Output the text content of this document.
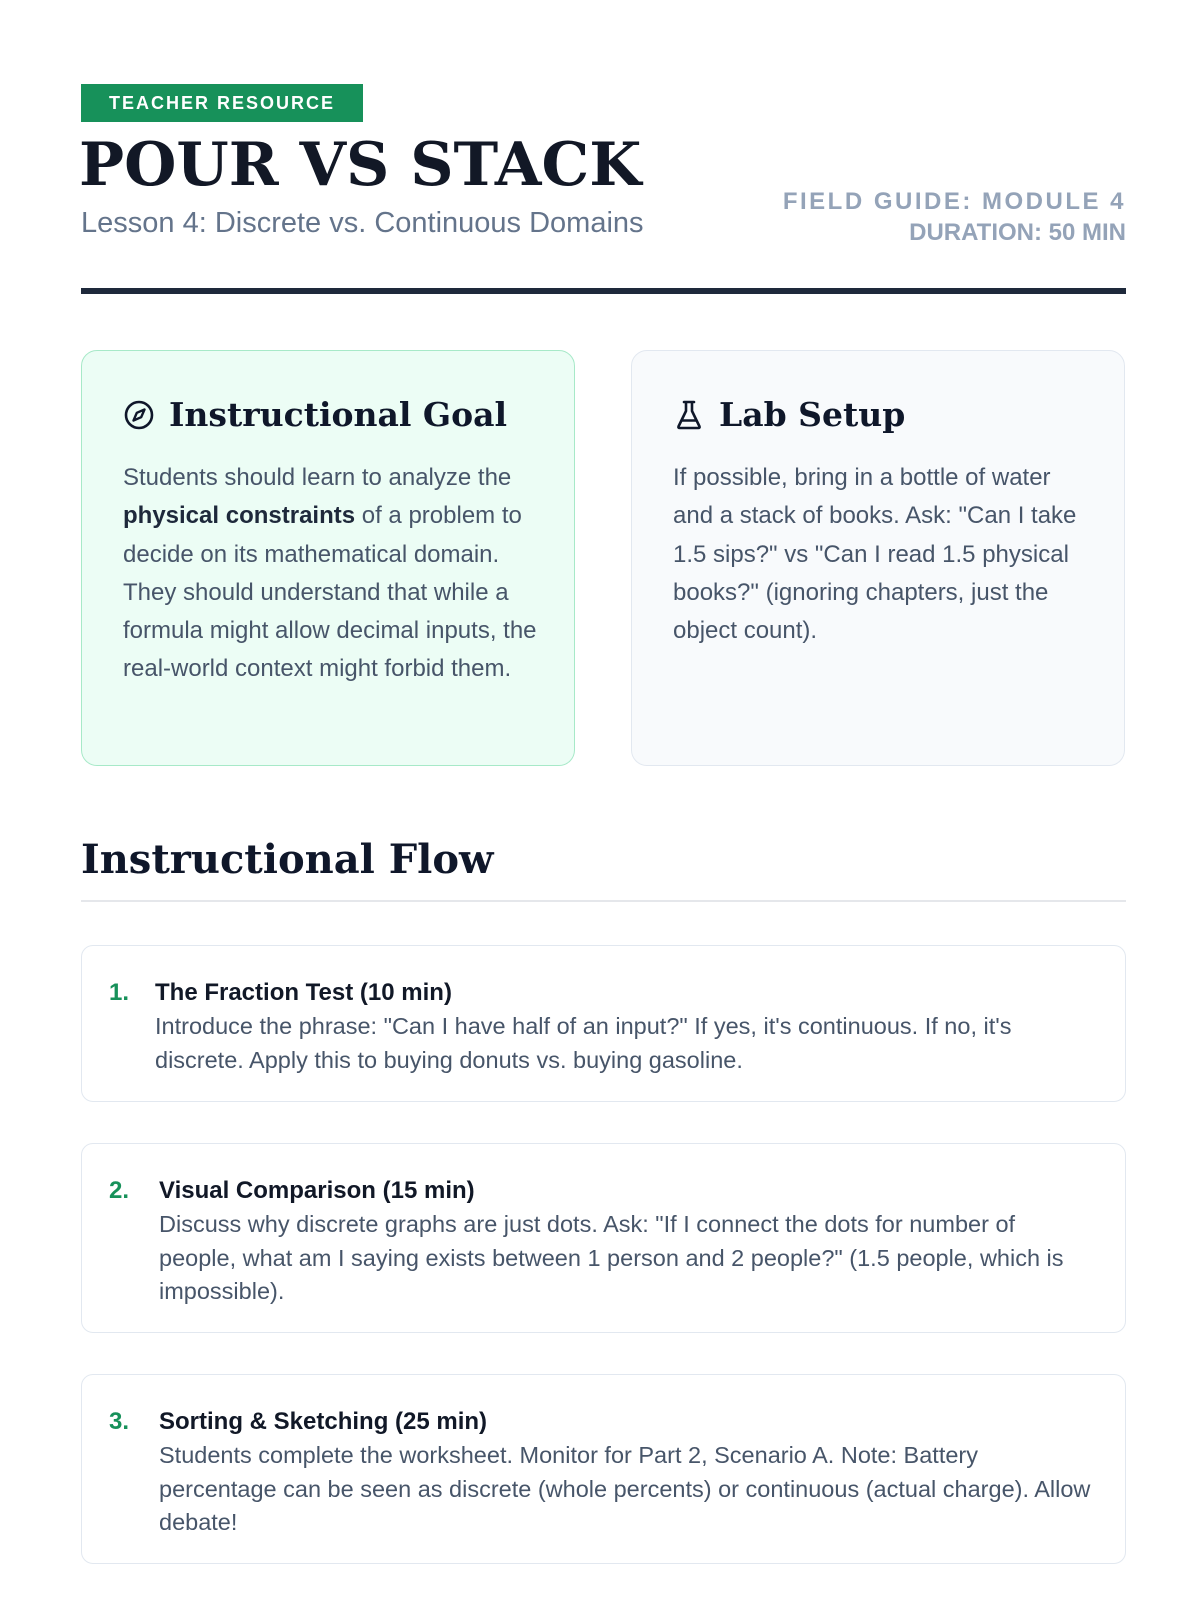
TEACHER RESOURCE
POUR VS STACK
Lesson 4: Discrete vs. Continuous Domains
FIELD GUIDE: MODULE 4
DURATION: 50 MIN
Instructional Goal
Students should learn to analyze the physical constraints of a problem to decide on its mathematical domain. They should understand that while a formula might allow decimal inputs, the real-world context might forbid them.
Lab Setup
If possible, bring in a bottle of water and a stack of books. Ask: "Can I take 1.5 sips?" vs "Can I read 1.5 physical books?" (ignoring chapters, just the object count).
Instructional Flow
1. The Fraction Test (10 min)
Introduce the phrase: "Can I have half of an input?" If yes, it's continuous. If no, it's discrete. Apply this to buying donuts vs. buying gasoline.
2. Visual Comparison (15 min)
Discuss why discrete graphs are just dots. Ask: "If I connect the dots for number of people, what am I saying exists between 1 person and 2 people?" (1.5 people, which is impossible).
3. Sorting & Sketching (25 min)
Students complete the worksheet. Monitor for Part 2, Scenario A. Note: Battery percentage can be seen as discrete (whole percents) or continuous (actual charge). Allow debate!
